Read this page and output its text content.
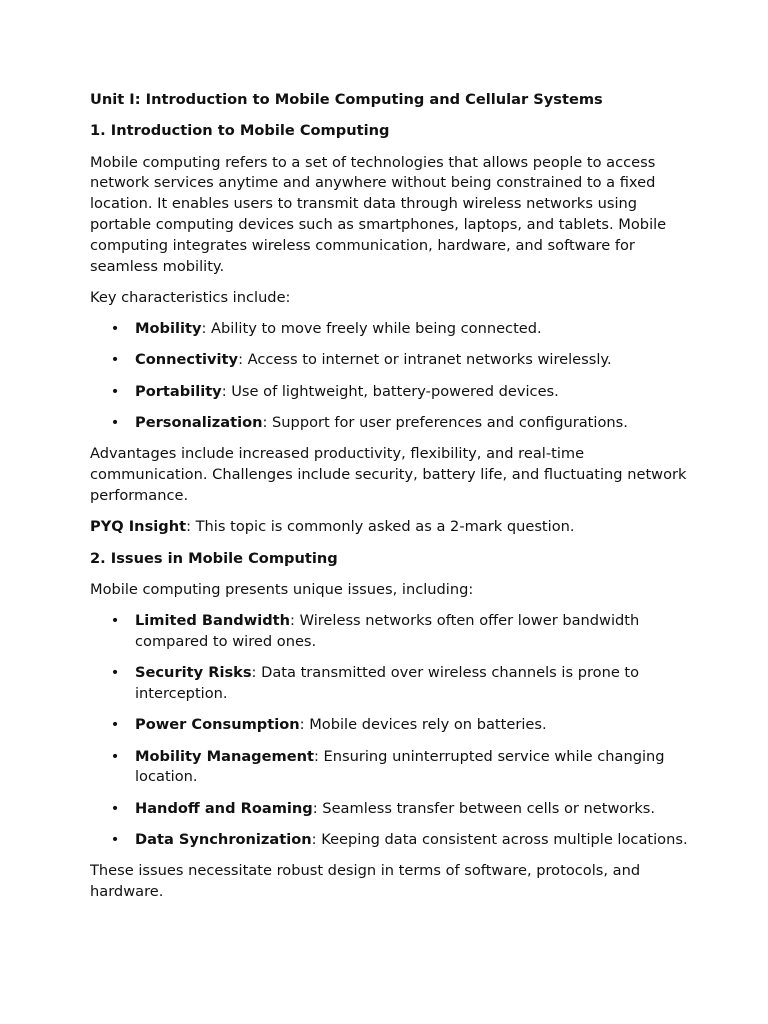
Unit I: Introduction to Mobile Computing and Cellular Systems
1. Introduction to Mobile Computing

Mobile computing refers to a set of technologies that allows people to access network services anytime and anywhere without being constrained to a fixed location. It enables users to transmit data through wireless networks using portable computing devices such as smartphones, laptops, and tablets. Mobile computing integrates wireless communication, hardware, and software for seamless mobility.

Key characteristics include:

• Mobility: Ability to move freely while being connected.
• Connectivity: Access to internet or intranet networks wirelessly.
• Portability: Use of lightweight, battery-powered devices.
• Personalization: Support for user preferences and configurations.

Advantages include increased productivity, flexibility, and real-time communication. Challenges include security, battery life, and fluctuating network performance.

PYQ Insight: This topic is commonly asked as a 2-mark question.

2. Issues in Mobile Computing

Mobile computing presents unique issues, including:

• Limited Bandwidth: Wireless networks often offer lower bandwidth compared to wired ones.
• Security Risks: Data transmitted over wireless channels is prone to interception.
• Power Consumption: Mobile devices rely on batteries.
• Mobility Management: Ensuring uninterrupted service while changing location.
• Handoff and Roaming: Seamless transfer between cells or networks.
• Data Synchronization: Keeping data consistent across multiple locations.

These issues necessitate robust design in terms of software, protocols, and hardware.
